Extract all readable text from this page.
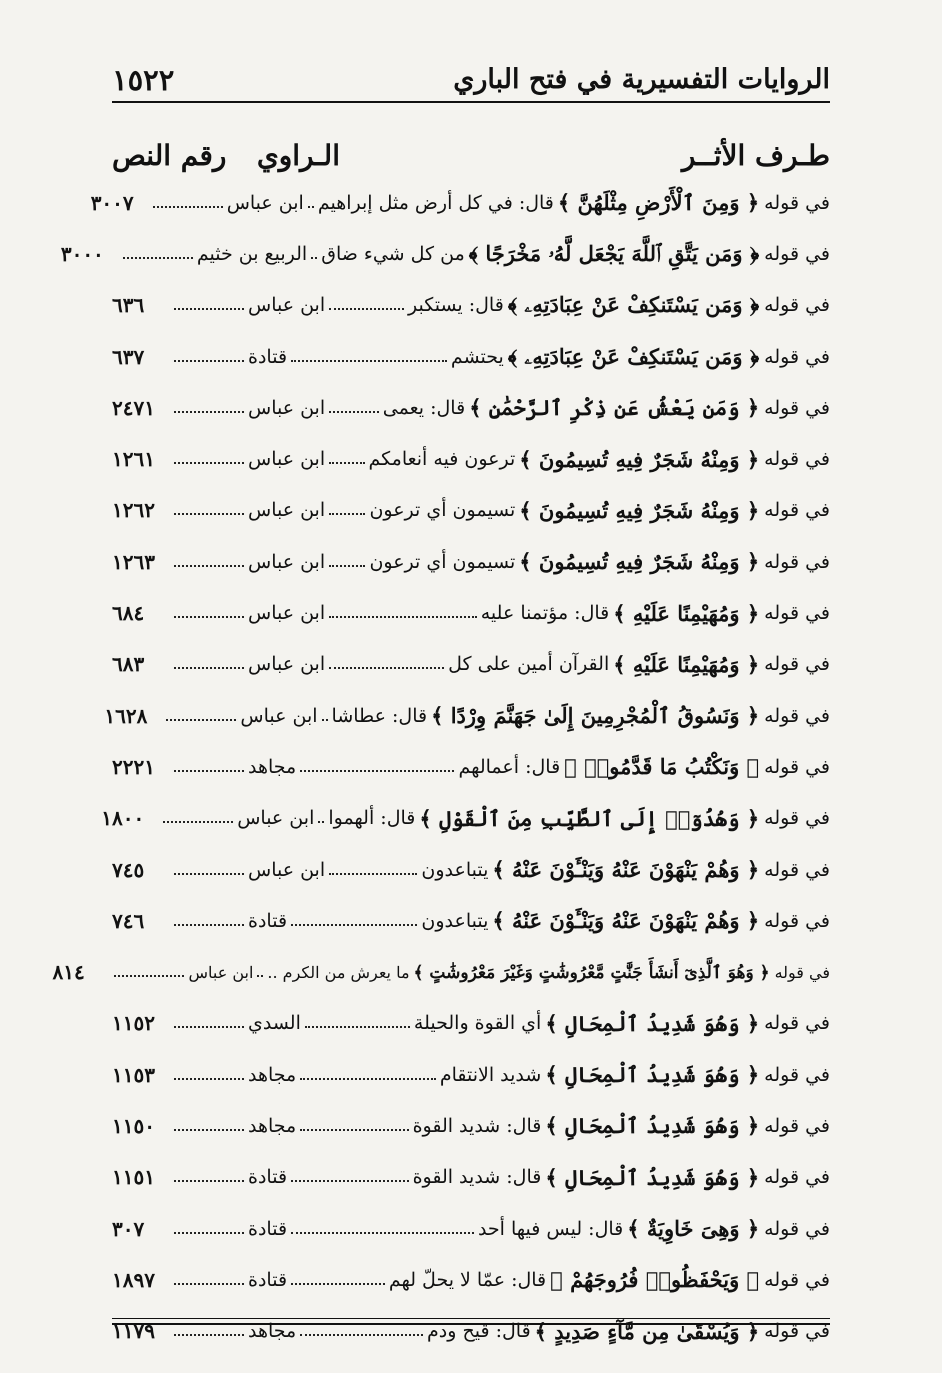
الروايات التفسيرية في فتح الباري
١٥٢٢
طـرف الأثــر
الـراوي
رقم النص
في قوله
﴿ وَمِنَ ٱلْأَرْضِ مِثْلَهُنَّ ﴾
قال: في كل أرض مثل إبراهيم
ابن عباس
٣٠٠٧
في قوله
﴿ وَمَن يَتَّقِ ٱللَّهَ يَجْعَل لَّهُۥ مَخْرَجًا ﴾
من كل شيء ضاق
الربيع بن خثيم
٣٠٠٠
في قوله
﴿ وَمَن يَسْتَنكِفْ عَنْ عِبَادَتِهِۦ ﴾
قال: يستكبر
ابن عباس
٦٣٦
في قوله
﴿ وَمَن يَسْتَنكِفْ عَنْ عِبَادَتِهِۦ ﴾
يحتشم
قتادة
٦٣٧
في قوله
﴿ وَمَن يَعْشُ عَن ذِكْرِ ٱلرَّحْمَٰنِ ﴾
قال: يعمى
ابن عباس
٢٤٧١
في قوله
﴿ وَمِنْهُ شَجَرٌ فِيهِ تُسِيمُونَ ﴾
ترعون فيه أنعامكم
ابن عباس
١٢٦١
في قوله
﴿ وَمِنْهُ شَجَرٌ فِيهِ تُسِيمُونَ ﴾
تسيمون أي ترعون
ابن عباس
١٢٦٢
في قوله
﴿ وَمِنْهُ شَجَرٌ فِيهِ تُسِيمُونَ ﴾
تسيمون أي ترعون
ابن عباس
١٢٦٣
في قوله
﴿ وَمُهَيْمِنًا عَلَيْهِ ﴾
قال: مؤتمنا عليه
ابن عباس
٦٨٤
في قوله
﴿ وَمُهَيْمِنًا عَلَيْهِ ﴾
القرآن أمين على كل
ابن عباس
٦٨٣
في قوله
﴿ وَنَسُوقُ ٱلْمُجْرِمِينَ إِلَىٰ جَهَنَّمَ وِرْدًا ﴾
قال: عطاشا
ابن عباس
١٦٢٨
في قوله
﴿ وَنَكْتُبُ مَا قَدَّمُوا۟ ﴾
قال: أعمالهم
مجاهد
٢٢٢١
في قوله
﴿ وَهُدُوٓا۟ إِلَى ٱلطَّيِّبِ مِنَ ٱلْقَوْلِ ﴾
قال: ألهموا
ابن عباس
١٨٠٠
في قوله
﴿ وَهُمْ يَنْهَوْنَ عَنْهُ وَيَنْـَٔوْنَ عَنْهُ ﴾
يتباعدون
ابن عباس
٧٤٥
في قوله
﴿ وَهُمْ يَنْهَوْنَ عَنْهُ وَيَنْـَٔوْنَ عَنْهُ ﴾
يتباعدون
قتادة
٧٤٦
في قوله
﴿ وَهُوَ ٱلَّذِىٓ أَنشَأَ جَنَّٰتٍ مَّعْرُوشَٰتٍ وَغَيْرَ مَعْرُوشَٰتٍ ﴾
ما يعرش من الكرم ..
ابن عباس
٨١٤
في قوله
﴿ وَهُوَ شَدِيدُ ٱلْمِحَالِ ﴾
أي القوة والحيلة
السدي
١١٥٢
في قوله
﴿ وَهُوَ شَدِيدُ ٱلْمِحَالِ ﴾
شديد الانتقام
مجاهد
١١٥٣
في قوله
﴿ وَهُوَ شَدِيدُ ٱلْمِحَالِ ﴾
قال: شديد القوة
مجاهد
١١٥٠
في قوله
﴿ وَهُوَ شَدِيدُ ٱلْمِحَالِ ﴾
قال: شديد القوة
قتادة
١١٥١
في قوله
﴿ وَهِىَ خَاوِيَةٌ ﴾
قال: ليس فيها أحد
قتادة
٣٠٧
في قوله
﴿ وَيَحْفَظُوا۟ فُرُوجَهُمْ ﴾
قال: عمّا لا يحلّ لهم
قتادة
١٨٩٧
في قوله
﴿ وَيُسْقَىٰ مِن مَّآءٍ صَدِيدٍ ﴾
قال: قيح ودم
مجاهد
١١٧٩
